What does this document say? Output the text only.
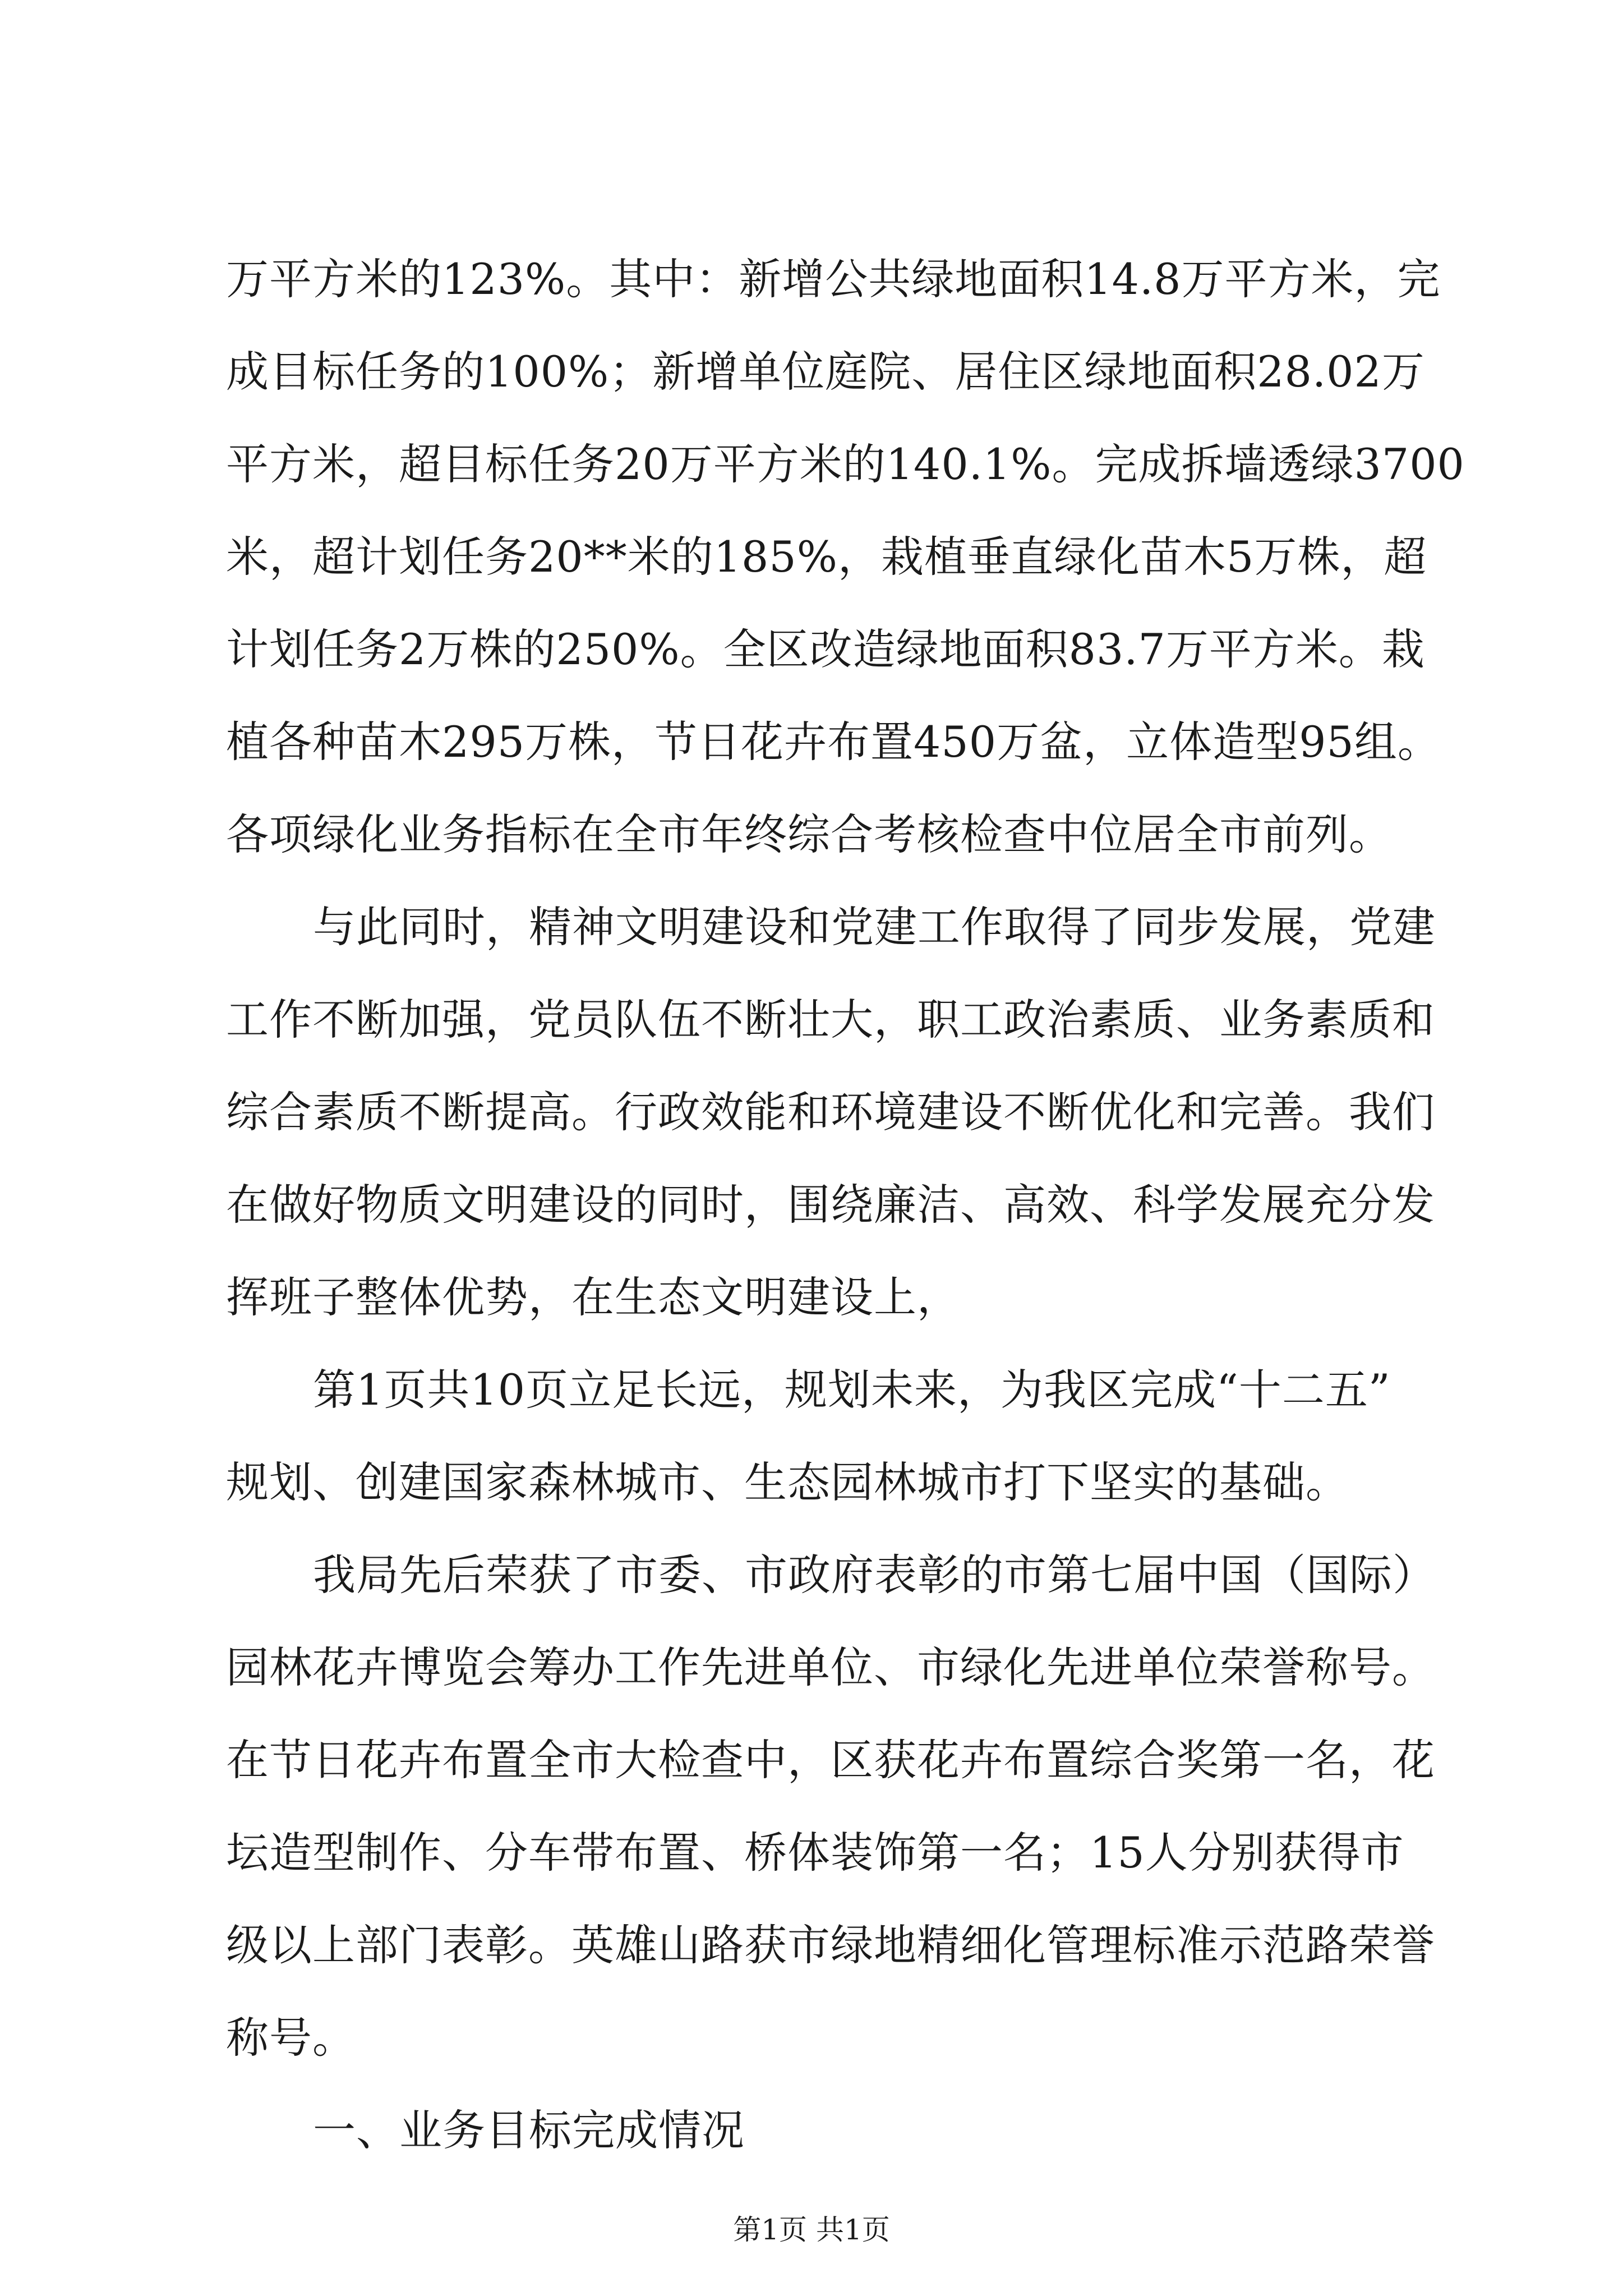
万平方米的123%。其中：新增公共绿地面积14.8万平方米，完
成目标任务的100%；新增单位庭院、居住区绿地面积28.02万
平方米，超目标任务20万平方米的140.1%。完成拆墙透绿3700
米，超计划任务20**米的185%，栽植垂直绿化苗木5万株，超
计划任务2万株的250%。全区改造绿地面积83.7万平方米。栽
植各种苗木295万株，节日花卉布置450万盆，立体造型95组。
各项绿化业务指标在全市年终综合考核检查中位居全市前列。
与此同时，精神文明建设和党建工作取得了同步发展，党建
工作不断加强，党员队伍不断壮大，职工政治素质、业务素质和
综合素质不断提高。行政效能和环境建设不断优化和完善。我们
在做好物质文明建设的同时，围绕廉洁、高效、科学发展充分发
挥班子整体优势，在生态文明建设上，
第1页共10页立足长远，规划未来，为我区完成“十二五”
规划、创建国家森林城市、生态园林城市打下坚实的基础。
我局先后荣获了市委、市政府表彰的市第七届中国（国际）
园林花卉博览会筹办工作先进单位、市绿化先进单位荣誉称号。
在节日花卉布置全市大检查中，区获花卉布置综合奖第一名，花
坛造型制作、分车带布置、桥体装饰第一名；15人分别获得市
级以上部门表彰。英雄山路获市绿地精细化管理标准示范路荣誉
称号。
一、业务目标完成情况
第1页 共1页
